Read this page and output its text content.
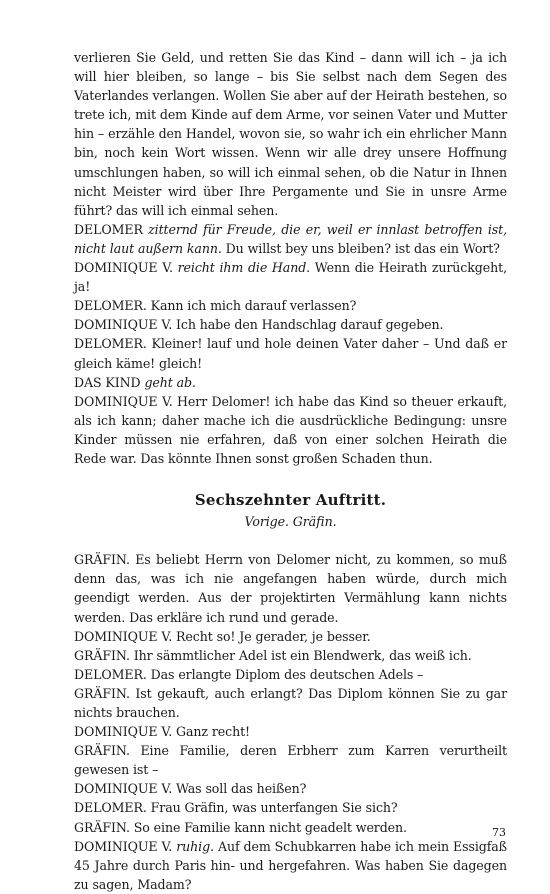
verlieren Sie Geld, und retten Sie das Kind – dann will ich – ja ich will hier bleiben, so lange – bis Sie selbst nach dem Segen des Vaterlandes verlangen. Wollen Sie aber auf der Heirath bestehen, so trete ich, mit dem Kinde auf dem Arme, vor seinen Vater und Mutter hin – erzähle den Handel, wovon sie, so wahr ich ein ehrlicher Mann bin, noch kein Wort wissen. Wenn wir alle drey unsere Hoffnung umschlungen haben, so will ich einmal sehen, ob die Natur in Ihnen nicht Meister wird über Ihre Pergamente und Sie in unsre Arme führt? das will ich einmal sehen.

DELOMER zitternd für Freude, die er, weil er innlast betroffen ist, nicht laut außern kann. Du willst bey uns bleiben? ist das ein Wort?

DOMINIQUE V. reicht ihm die Hand. Wenn die Heirath zurückgeht, ja!

DELOMER. Kann ich mich darauf verlassen?

DOMINIQUE V. Ich habe den Handschlag darauf gegeben.

DELOMER. Kleiner! lauf und hole deinen Vater daher – Und daß er gleich käme! gleich!

DAS KIND geht ab.

DOMINIQUE V. Herr Delomer! ich habe das Kind so theuer erkauft, als ich kann; daher mache ich die ausdrückliche Bedingung: unsre Kinder müssen nie erfahren, daß von einer solchen Heirath die Rede war. Das könnte Ihnen sonst großen Schaden thun.

Sechszehnter Auftritt.
Vorige. Gräfin.

GRÄFIN. Es beliebt Herrn von Delomer nicht, zu kommen, so muß denn das, was ich nie angefangen haben würde, durch mich geendigt werden. Aus der projektirten Vermählung kann nichts werden. Das erkläre ich rund und gerade.

DOMINIQUE V. Recht so! Je gerader, je besser.

GRÄFIN. Ihr sämmtlicher Adel ist ein Blendwerk, das weiß ich.

DELOMER. Das erlangte Diplom des deutschen Adels –

GRÄFIN. Ist gekauft, auch erlangt? Das Diplom können Sie zu gar nichts brauchen.

DOMINIQUE V. Ganz recht!

GRÄFIN. Eine Familie, deren Erbherr zum Karren verurtheilt gewesen ist –

DOMINIQUE V. Was soll das heißen?

DELOMER. Frau Gräfin, was unterfangen Sie sich?

GRÄFIN. So eine Familie kann nicht geadelt werden.

DOMINIQUE V. ruhig. Auf dem Schubkarren habe ich mein Essigfaß 45 Jahre durch Paris hin- und hergefahren. Was haben Sie dagegen zu sagen, Madam?

73
